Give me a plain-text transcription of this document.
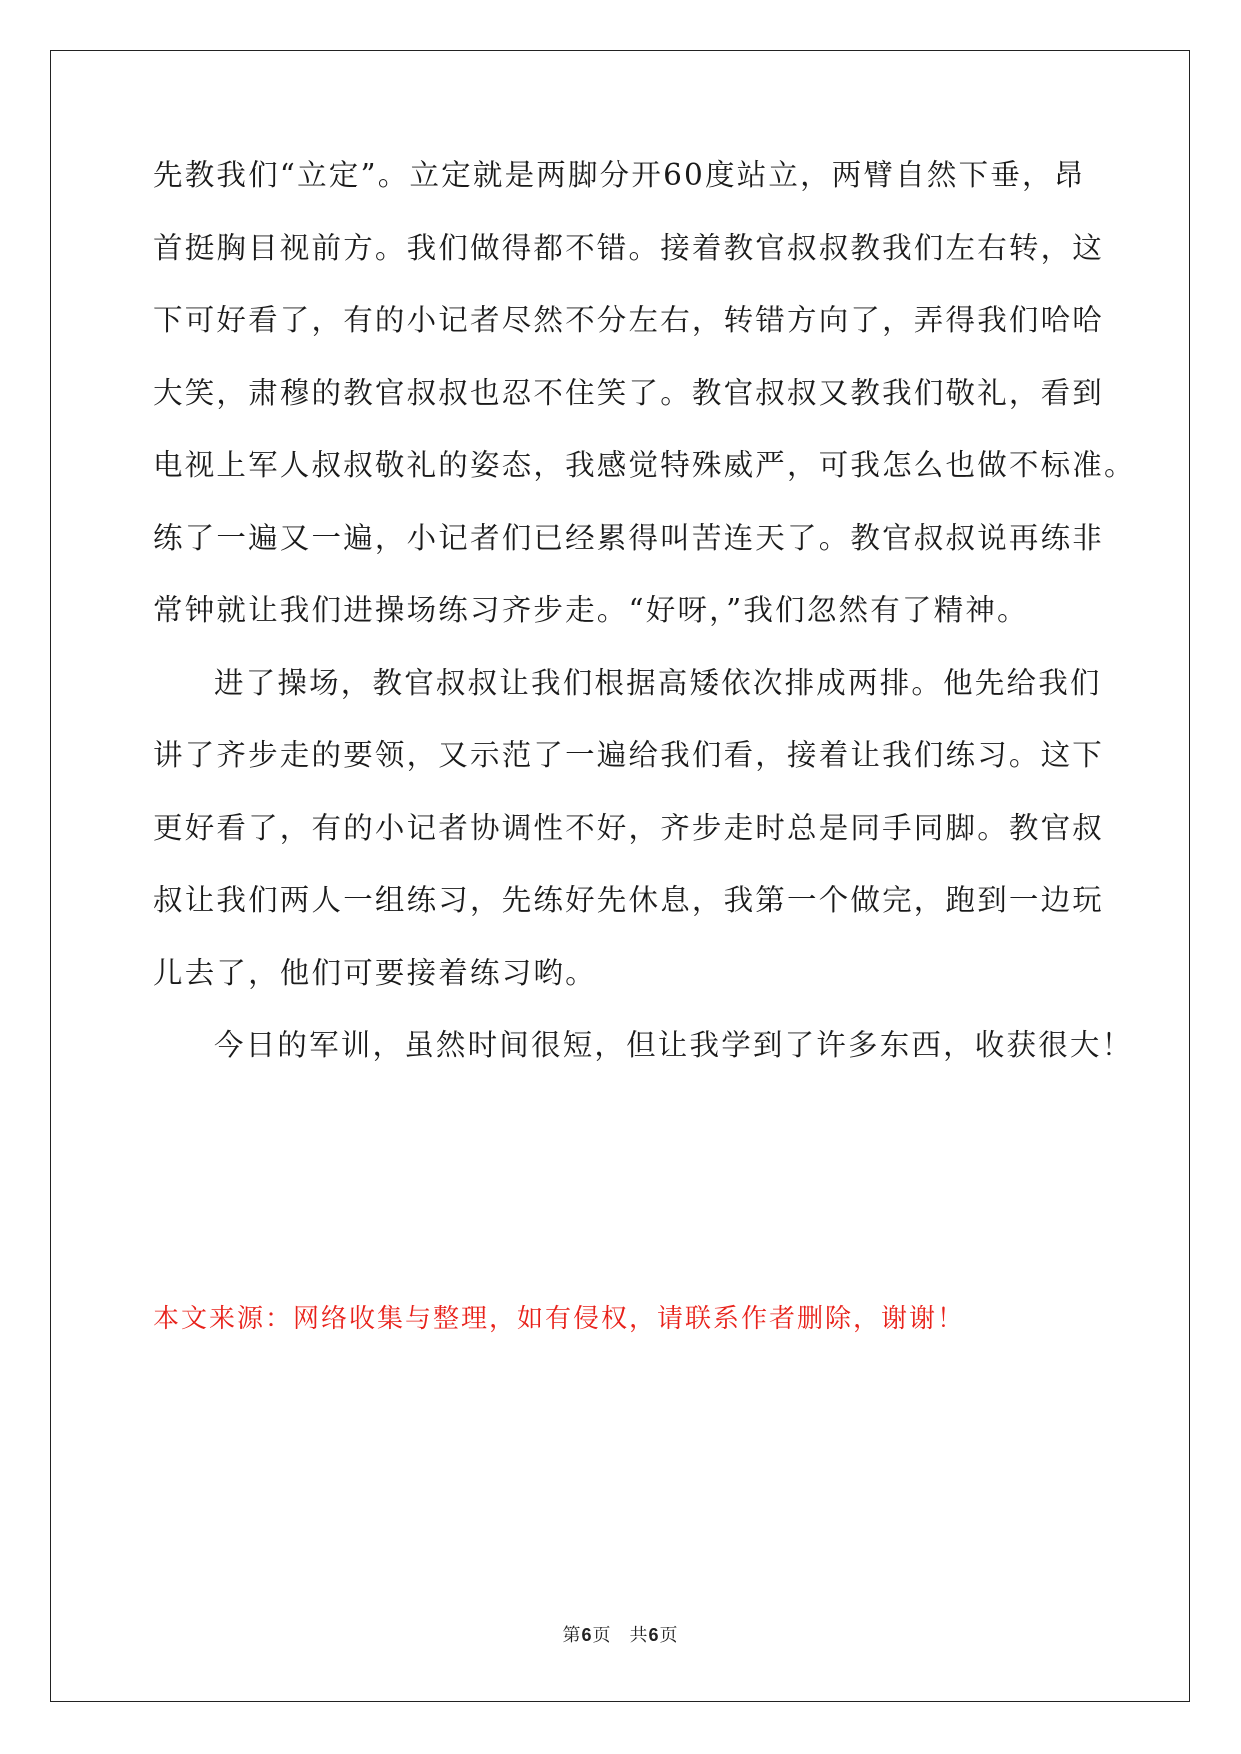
先教我们“立定”。立定就是两脚分开60度站立，两臂自然下垂，昂
首挺胸目视前方。我们做得都不错。接着教官叔叔教我们左右转，这
下可好看了，有的小记者尽然不分左右，转错方向了，弄得我们哈哈
大笑，肃穆的教官叔叔也忍不住笑了。教官叔叔又教我们敬礼，看到
电视上军人叔叔敬礼的姿态，我感觉特殊威严，可我怎么也做不标准。
练了一遍又一遍，小记者们已经累得叫苦连天了。教官叔叔说再练非
常钟就让我们进操场练习齐步走。“好呀，”我们忽然有了精神。
进了操场，教官叔叔让我们根据高矮依次排成两排。他先给我们
讲了齐步走的要领，又示范了一遍给我们看，接着让我们练习。这下
更好看了，有的小记者协调性不好，齐步走时总是同手同脚。教官叔
叔让我们两人一组练习，先练好先休息，我第一个做完，跑到一边玩
儿去了，他们可要接着练习哟。
今日的军训，虽然时间很短，但让我学到了许多东西，收获很大！
本文来源：网络收集与整理，如有侵权，请联系作者删除，谢谢！
第6页 共6页
